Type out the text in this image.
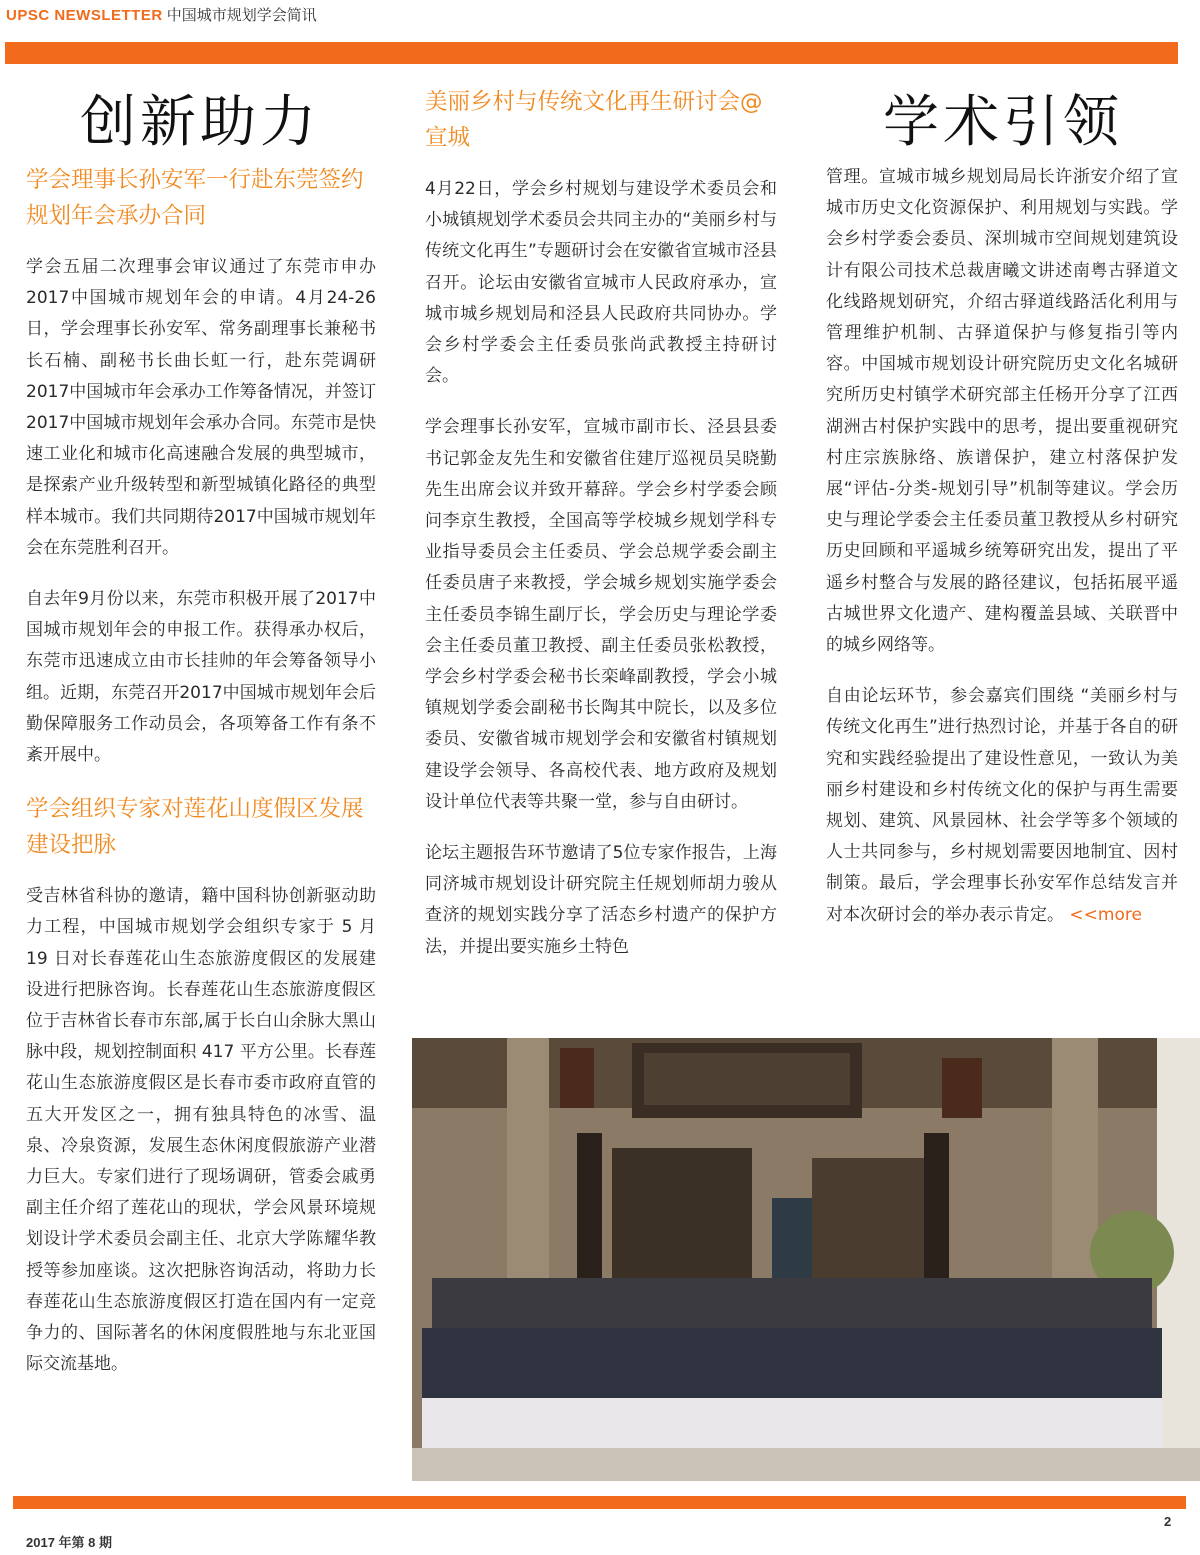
UPSC NEWSLETTER 中国城市规划学会简讯
创新助力	学术引领
学会理事长孙安军一行赴东莞签约规划年会承办合同
学会五届二次理事会审议通过了东莞市申办2017中国城市规划年会的申请。4月24-26日，学会理事长孙安军、常务副理事长兼秘书长石楠、副秘书长曲长虹一行，赴东莞调研2017中国城市年会承办工作筹备情况，并签订2017中国城市规划年会承办合同。东莞市是快速工业化和城市化高速融合发展的典型城市，是探索产业升级转型和新型城镇化路径的典型样本城市。我们共同期待2017中国城市规划年会在东莞胜利召开。
自去年9月份以来，东莞市积极开展了2017中国城市规划年会的申报工作。获得承办权后，东莞市迅速成立由市长挂帅的年会筹备领导小组。近期，东莞召开2017中国城市规划年会后勤保障服务工作动员会，各项筹备工作有条不紊开展中。
学会组织专家对莲花山度假区发展建设把脉
受吉林省科协的邀请，籍中国科协创新驱动助力工程，中国城市规划学会组织专家于 5 月 19 日对长春莲花山生态旅游度假区的发展建设进行把脉咨询。长春莲花山生态旅游度假区位于吉林省长春市东部,属于长白山余脉大黑山脉中段，规划控制面积 417 平方公里。长春莲花山生态旅游度假区是长春市委市政府直管的五大开发区之一，拥有独具特色的冰雪、温泉、冷泉资源，发展生态休闲度假旅游产业潜力巨大。专家们进行了现场调研，管委会戚勇副主任介绍了莲花山的现状，学会风景环境规划设计学术委员会副主任、北京大学陈耀华教授等参加座谈。这次把脉咨询活动，将助力长春莲花山生态旅游度假区打造在国内有一定竞争力的、国际著名的休闲度假胜地与东北亚国际交流基地。
美丽乡村与传统文化再生研讨会@宣城
4月22日，学会乡村规划与建设学术委员会和小城镇规划学术委员会共同主办的“美丽乡村与传统文化再生”专题研讨会在安徽省宣城市泾县召开。论坛由安徽省宣城市人民政府承办，宣城市城乡规划局和泾县人民政府共同协办。学会乡村学委会主任委员张尚武教授主持研讨会。
学会理事长孙安军，宣城市副市长、泾县县委书记郭金友先生和安徽省住建厅巡视员吴晓勤先生出席会议并致开幕辞。学会乡村学委会顾问李京生教授，全国高等学校城乡规划学科专业指导委员会主任委员、学会总规学委会副主任委员唐子来教授，学会城乡规划实施学委会主任委员李锦生副厅长，学会历史与理论学委会主任委员董卫教授、副主任委员张松教授，学会乡村学委会秘书长栾峰副教授，学会小城镇规划学委会副秘书长陶其中院长，以及多位委员、安徽省城市规划学会和安徽省村镇规划建设学会领导、各高校代表、地方政府及规划设计单位代表等共聚一堂，参与自由研讨。
论坛主题报告环节邀请了5位专家作报告，上海同济城市规划设计研究院主任规划师胡力骏从查济的规划实践分享了活态乡村遗产的保护方法，并提出要实施乡土特色
管理。宣城市城乡规划局局长许浙安介绍了宣城市历史文化资源保护、利用规划与实践。学会乡村学委会委员、深圳城市空间规划建筑设计有限公司技术总裁唐曦文讲述南粤古驿道文化线路规划研究，介绍古驿道线路活化利用与管理维护机制、古驿道保护与修复指引等内容。中国城市规划设计研究院历史文化名城研究所历史村镇学术研究部主任杨开分享了江西湖洲古村保护实践中的思考，提出要重视研究村庄宗族脉络、族谱保护，建立村落保护发展“评估-分类-规划引导”机制等建议。学会历史与理论学委会主任委员董卫教授从乡村研究历史回顾和平遥城乡统筹研究出发，提出了平遥乡村整合与发展的路径建议，包括拓展平遥古城世界文化遗产、建构覆盖县域、关联晋中的城乡网络等。
自由论坛环节，参会嘉宾们围绕 “美丽乡村与传统文化再生”进行热烈讨论，并基于各自的研究和实践经验提出了建设性意见，一致认为美丽乡村建设和乡村传统文化的保护与再生需要规划、建筑、风景园林、社会学等多个领域的人士共同参与，乡村规划需要因地制宜、因村制策。最后，学会理事长孙安军作总结发言并对本次研讨会的举办表示肯定。 <<more
2
2017 年第 8 期
